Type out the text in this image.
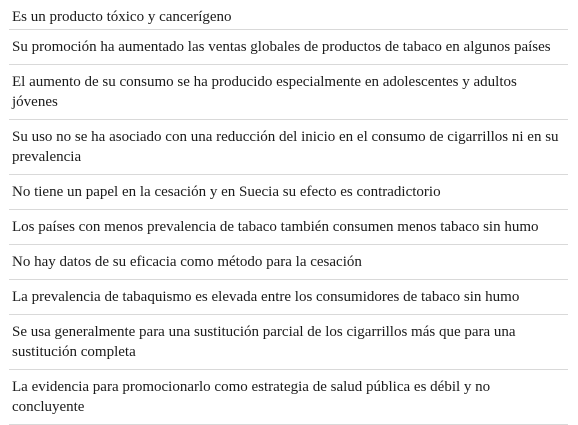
Es un producto tóxico y cancerígeno
Su promoción ha aumentado las ventas globales de productos de tabaco en algunos países
El aumento de su consumo se ha producido especialmente en adolescentes y adultos jóvenes
Su uso no se ha asociado con una reducción del inicio en el consumo de cigarrillos ni en su prevalencia
No tiene un papel en la cesación y en Suecia su efecto es contradictorio
Los países con menos prevalencia de tabaco también consumen menos tabaco sin humo
No hay datos de su eficacia como método para la cesación
La prevalencia de tabaquismo es elevada entre los consumidores de tabaco sin humo
Se usa generalmente para una sustitución parcial de los cigarrillos más que para una sustitución completa
La evidencia para promocionarlo como estrategia de salud pública es débil y no concluyente
